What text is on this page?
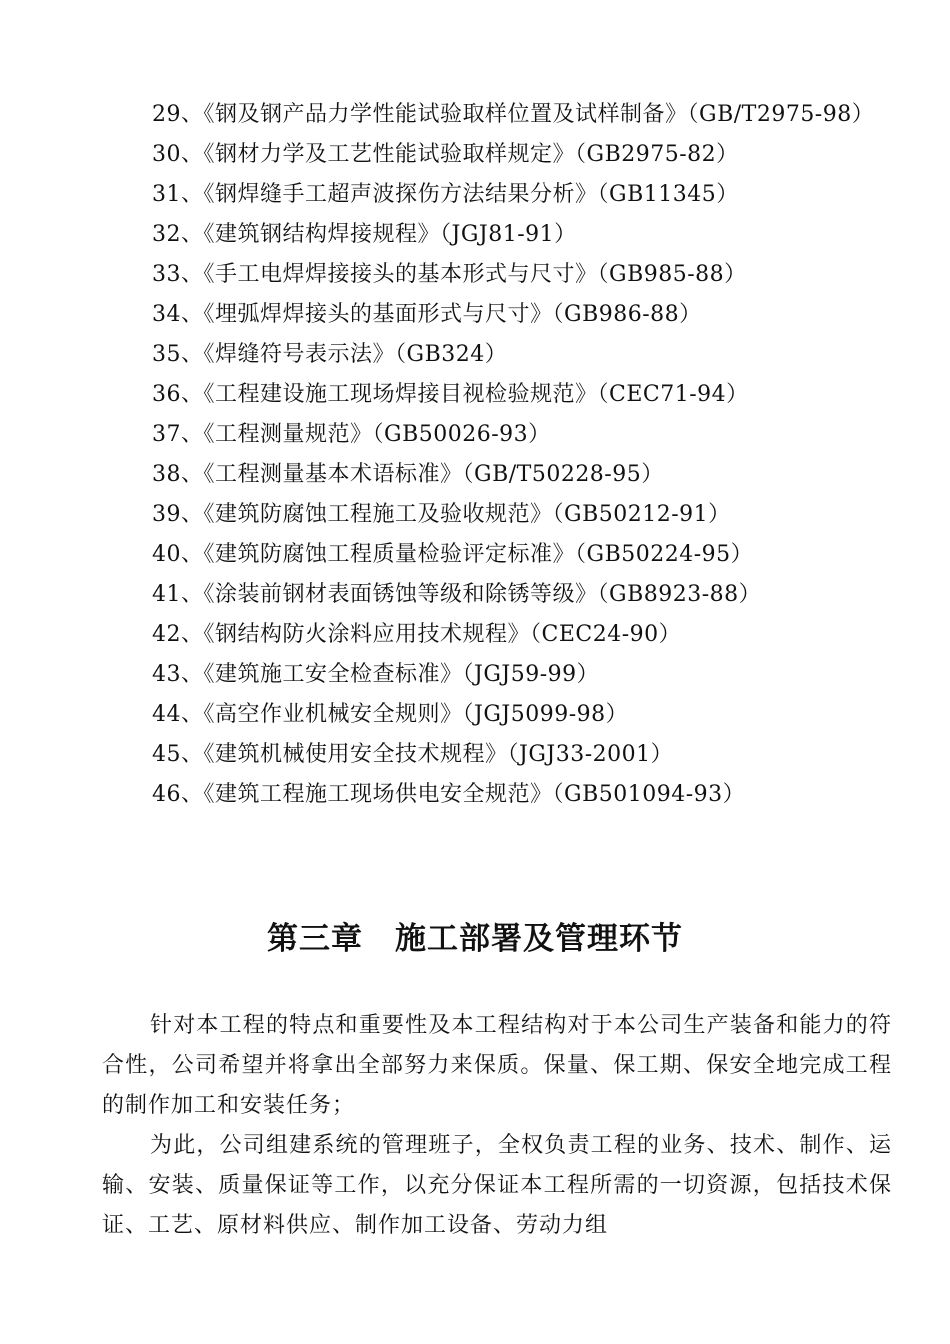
29、《钢及钢产品力学性能试验取样位置及试样制备》（GB/T2975-98）
30、《钢材力学及工艺性能试验取样规定》（GB2975-82）
31、《钢焊缝手工超声波探伤方法结果分析》（GB11345）
32、《建筑钢结构焊接规程》（JGJ81-91）
33、《手工电焊焊接接头的基本形式与尺寸》（GB985-88）
34、《埋弧焊焊接头的基面形式与尺寸》（GB986-88）
35、《焊缝符号表示法》（GB324）
36、《工程建设施工现场焊接目视检验规范》（CEC71-94）
37、《工程测量规范》（GB50026-93）
38、《工程测量基本术语标准》（GB/T50228-95）
39、《建筑防腐蚀工程施工及验收规范》（GB50212-91）
40、《建筑防腐蚀工程质量检验评定标准》（GB50224-95）
41、《涂装前钢材表面锈蚀等级和除锈等级》（GB8923-88）
42、《钢结构防火涂料应用技术规程》（CEC24-90）
43、《建筑施工安全检查标准》（JGJ59-99）
44、《高空作业机械安全规则》（JGJ5099-98）
45、《建筑机械使用安全技术规程》（JGJ33-2001）
46、《建筑工程施工现场供电安全规范》（GB501094-93）
第三章　施工部署及管理环节

针对本工程的特点和重要性及本工程结构对于本公司生产装备和能力的符合性，公司希望并将拿出全部努力来保质。保量、保工期、保安全地完成工程的制作加工和安装任务；

为此，公司组建系统的管理班子，全权负责工程的业务、技术、制作、运输、安装、质量保证等工作，以充分保证本工程所需的一切资源，包括技术保证、工艺、原材料供应、制作加工设备、劳动力组
